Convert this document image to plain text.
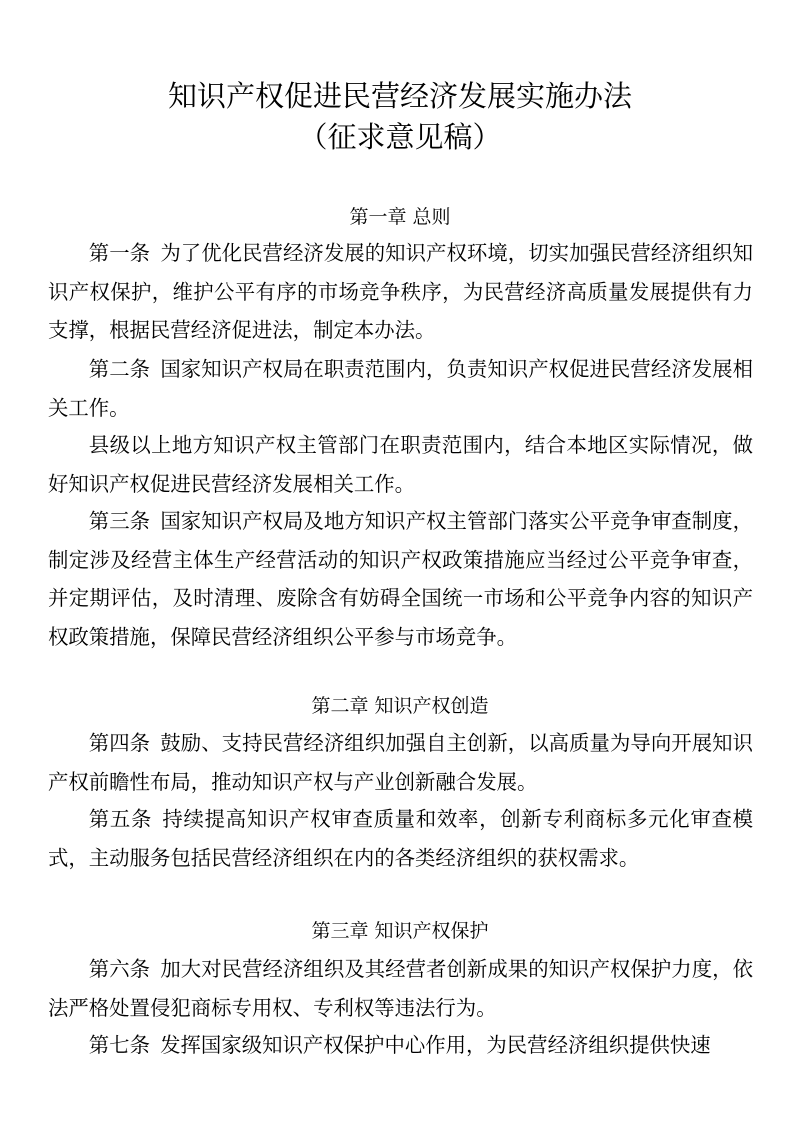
知识产权促进民营经济发展实施办法
（征求意见稿）
第一章 总则
第一条 为了优化民营经济发展的知识产权环境，切实加强民营经济组织知识产权保护，维护公平有序的市场竞争秩序，为民营经济高质量发展提供有力支撑，根据民营经济促进法，制定本办法。
第二条 国家知识产权局在职责范围内，负责知识产权促进民营经济发展相关工作。
县级以上地方知识产权主管部门在职责范围内，结合本地区实际情况，做好知识产权促进民营经济发展相关工作。
第三条 国家知识产权局及地方知识产权主管部门落实公平竞争审查制度，制定涉及经营主体生产经营活动的知识产权政策措施应当经过公平竞争审查，并定期评估，及时清理、废除含有妨碍全国统一市场和公平竞争内容的知识产权政策措施，保障民营经济组织公平参与市场竞争。
第二章 知识产权创造
第四条 鼓励、支持民营经济组织加强自主创新，以高质量为导向开展知识产权前瞻性布局，推动知识产权与产业创新融合发展。
第五条 持续提高知识产权审查质量和效率，创新专利商标多元化审查模式，主动服务包括民营经济组织在内的各类经济组织的获权需求。
第三章 知识产权保护
第六条 加大对民营经济组织及其经营者创新成果的知识产权保护力度，依法严格处置侵犯商标专用权、专利权等违法行为。
第七条 发挥国家级知识产权保护中心作用，为民营经济组织提供快速
